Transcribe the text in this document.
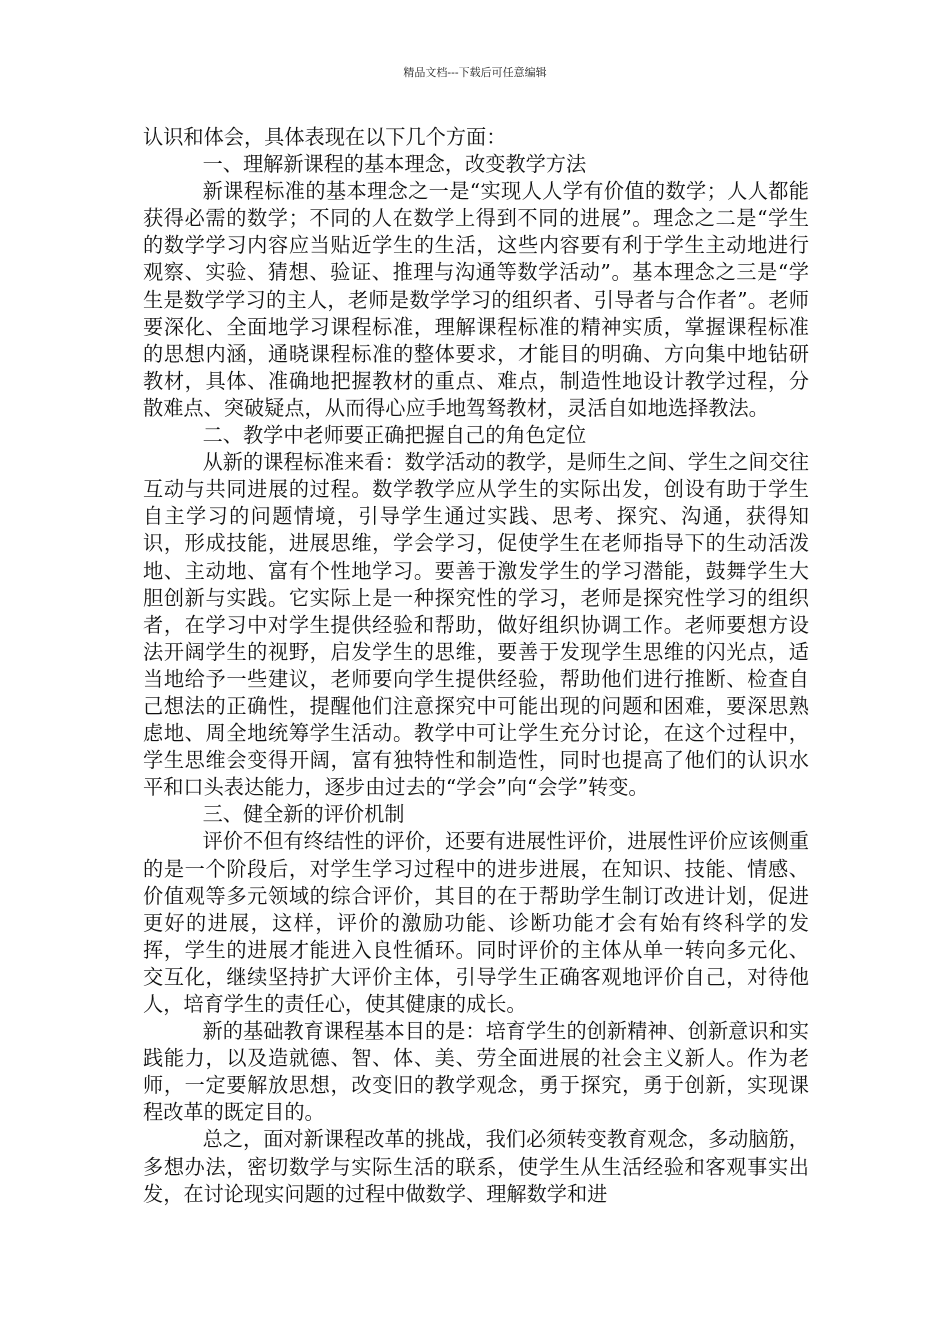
精品文档---下载后可任意编辑

认识和体会，具体表现在以下几个方面：

一、理解新课程的基本理念，改变教学方法

新课程标准的基本理念之一是“实现人人学有价值的数学；人人都能获得必需的数学；不同的人在数学上得到不同的进展”。理念之二是“学生的数学学习内容应当贴近学生的生活，这些内容要有利于学生主动地进行观察、实验、猜想、验证、推理与沟通等数学活动”。基本理念之三是“学生是数学学习的主人，老师是数学学习的组织者、引导者与合作者”。老师要深化、全面地学习课程标准，理解课程标准的精神实质，掌握课程标准的思想内涵，通晓课程标准的整体要求，才能目的明确、方向集中地钻研教材，具体、准确地把握教材的重点、难点，制造性地设计教学过程，分散难点、突破疑点，从而得心应手地驾驽教材，灵活自如地选择教法。

二、教学中老师要正确把握自己的角色定位

从新的课程标准来看：数学活动的教学，是师生之间、学生之间交往互动与共同进展的过程。数学教学应从学生的实际出发，创设有助于学生自主学习的问题情境，引导学生通过实践、思考、探究、沟通，获得知识，形成技能，进展思维，学会学习，促使学生在老师指导下的生动活泼地、主动地、富有个性地学习。要善于激发学生的学习潜能，鼓舞学生大胆创新与实践。它实际上是一种探究性的学习，老师是探究性学习的组织者，在学习中对学生提供经验和帮助，做好组织协调工作。老师要想方设法开阔学生的视野，启发学生的思维，要善于发现学生思维的闪光点，适当地给予一些建议，老师要向学生提供经验，帮助他们进行推断、检查自己想法的正确性，提醒他们注意探究中可能出现的问题和困难，要深思熟虑地、周全地统筹学生活动。教学中可让学生充分讨论，在这个过程中，学生思维会变得开阔，富有独特性和制造性，同时也提高了他们的认识水平和口头表达能力，逐步由过去的“学会”向“会学”转变。

三、健全新的评价机制

评价不但有终结性的评价，还要有进展性评价，进展性评价应该侧重的是一个阶段后，对学生学习过程中的进步进展，在知识、技能、情感、价值观等多元领域的综合评价，其目的在于帮助学生制订改进计划，促进更好的进展，这样，评价的激励功能、诊断功能才会有始有终科学的发挥，学生的进展才能进入良性循环。同时评价的主体从单一转向多元化、交互化，继续坚持扩大评价主体，引导学生正确客观地评价自己，对待他人，培育学生的责任心，使其健康的成长。

新的基础教育课程基本目的是：培育学生的创新精神、创新意识和实践能力，以及造就德、智、体、美、劳全面进展的社会主义新人。作为老师，一定要解放思想，改变旧的教学观念，勇于探究，勇于创新，实现课程改革的既定目的。

总之，面对新课程改革的挑战，我们必须转变教育观念，多动脑筋，多想办法，密切数学与实际生活的联系，使学生从生活经验和客观事实出发，在讨论现实问题的过程中做数学、理解数学和进
